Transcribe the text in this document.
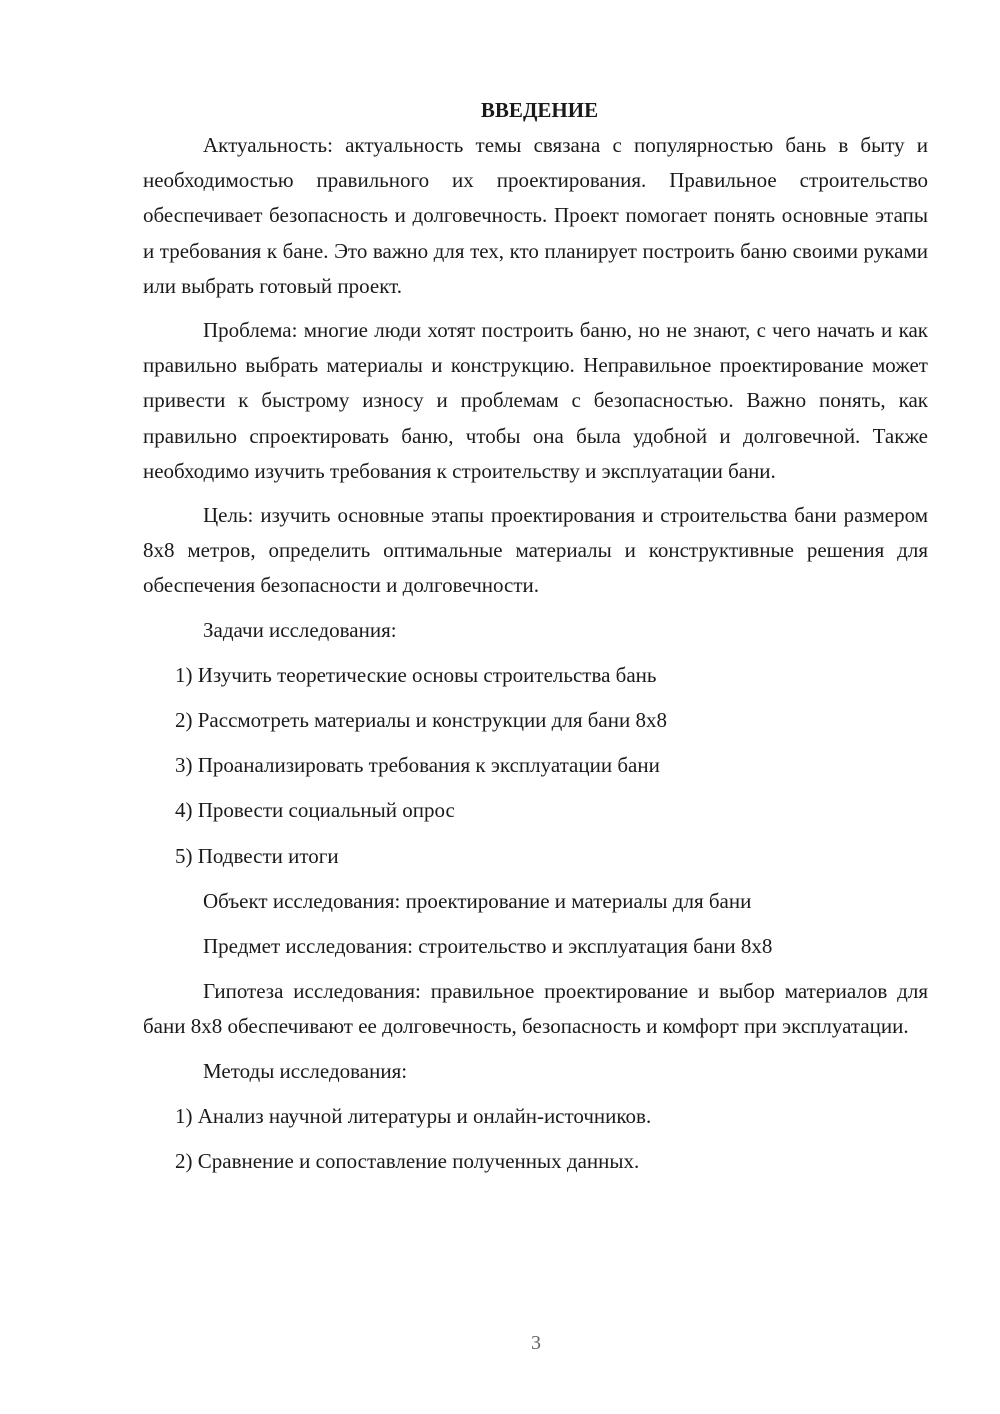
ВВЕДЕНИЕ

Актуальность: актуальность темы связана с популярностью бань в быту и необходимостью правильного их проектирования. Правильное строительство обеспечивает безопасность и долговечность. Проект помогает понять основные этапы и требования к бане. Это важно для тех, кто планирует построить баню своими руками или выбрать готовый проект.

Проблема: многие люди хотят построить баню, но не знают, с чего начать и как правильно выбрать материалы и конструкцию. Неправильное проектирование может привести к быстрому износу и проблемам с безопасностью. Важно понять, как правильно спроектировать баню, чтобы она была удобной и долговечной. Также необходимо изучить требования к строительству и эксплуатации бани.

Цель: изучить основные этапы проектирования и строительства бани размером 8х8 метров, определить оптимальные материалы и конструктивные решения для обеспечения безопасности и долговечности.

Задачи исследования:

1) Изучить теоретические основы строительства бань

2) Рассмотреть материалы и конструкции для бани 8х8

3) Проанализировать требования к эксплуатации бани

4) Провести социальный опрос

5) Подвести итоги

Объект исследования: проектирование и материалы для бани

Предмет исследования: строительство и эксплуатация бани 8х8

Гипотеза исследования: правильное проектирование и выбор материалов для бани 8х8 обеспечивают ее долговечность, безопасность и комфорт при эксплуатации.

Методы исследования:

1) Анализ научной литературы и онлайн-источников.

2) Сравнение и сопоставление полученных данных.

3
